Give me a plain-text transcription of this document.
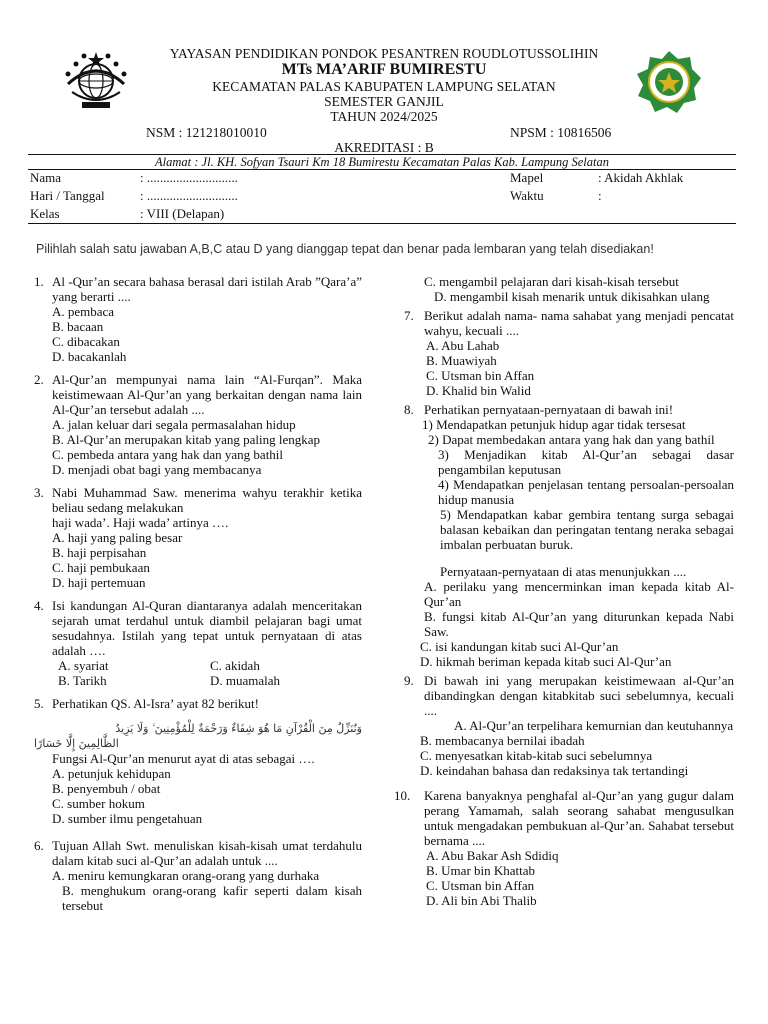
YAYASAN PENDIDIKAN PONDOK PESANTREN ROUDLOTUSSOLIHIN
MTs MA’ARIF BUMIRESTU
KECAMATAN PALAS KABUPATEN LAMPUNG SELATAN
SEMESTER GANJIL
TAHUN 2024/2025
NSM : 121218010010	NPSM : 10816506
AKREDITASI : B
Alamat : Jl. KH. Sofyan Tsauri Km 18 Bumirestu Kecamatan Palas Kab. Lampung Selatan
Nama	: ............................
Hari / Tanggal	: ............................
Kelas	: VIII (Delapan)
Mapel	: Akidah Akhlak
Waktu	:
Pilihlah salah satu jawaban A,B,C atau D yang dianggap tepat dan benar pada lembaran yang telah disediakan!
1. Al -Qur’an secara bahasa berasal dari istilah Arab ”Qara’a” yang berarti ....
A. pembaca
B. bacaan
C. dibacakan
D. bacakanlah
2. Al-Qur’an mempunyai nama lain “Al-Furqan”. Maka keistimewaan Al-Qur’an yang berkaitan dengan nama lain Al-Qur’an tersebut adalah ....
A. jalan keluar dari segala permasalahan hidup
B. Al-Qur’an merupakan kitab yang paling lengkap
C. pembeda antara yang hak dan yang bathil
D. menjadi obat bagi yang membacanya
3. Nabi Muhammad Saw. menerima wahyu terakhir ketika beliau sedang melakukan
haji wada’. Haji wada’ artinya ….
A. haji yang paling besar
B. haji perpisahan
C. haji pembukaan
D. haji pertemuan
4. Isi kandungan Al-Quran diantaranya adalah menceritakan sejarah umat terdahul untuk diambil pelajaran bagi umat sesudahnya. Istilah yang tepat untuk pernyataan di atas adalah ….
A. syariat	C. akidah
B. Tarikh	D. muamalah
5. Perhatikan QS. Al-Isra’ ayat 82 berikut!
وَنُنَزِّلُ مِنَ الْقُرْآنِ مَا هُوَ شِفَاءٌ وَرَحْمَةٌ لِلْمُؤْمِنِينَ ۙ وَلَا يَزِيدُ
الظَّالِمِينَ إِلَّا خَسَارًا
Fungsi Al-Qur’an menurut ayat di atas sebagai ….
A. petunjuk kehidupan
B. penyembuh / obat
C. sumber hokum
D. sumber ilmu pengetahuan
6. Tujuan Allah Swt. menuliskan kisah-kisah umat terdahulu dalam kitab suci al-Qur’an adalah untuk ....
A. meniru kemungkaran orang-orang yang durhaka
B. menghukum orang-orang kafir seperti dalam kisah tersebut
C. mengambil pelajaran dari kisah-kisah tersebut
D. mengambil kisah menarik untuk dikisahkan ulang
7. Berikut adalah nama- nama sahabat yang menjadi pencatat wahyu, kecuali ....
A. Abu Lahab
B. Muawiyah
C. Utsman bin Affan
D. Khalid bin Walid
8. Perhatikan pernyataan-pernyataan di bawah ini!
1) Mendapatkan petunjuk hidup agar tidak tersesat
2) Dapat membedakan antara yang hak dan yang bathil
3) Menjadikan kitab Al-Qur’an sebagai dasar pengambilan keputusan
4) Mendapatkan penjelasan tentang persoalan-persoalan hidup manusia
5) Mendapatkan kabar gembira tentang surga sebagai balasan kebaikan dan peringatan tentang neraka sebagai imbalan perbuatan buruk.
Pernyataan-pernyataan di atas menunjukkan ....
A. perilaku yang mencerminkan iman kepada kitab Al-Qur’an
B. fungsi kitab Al-Qur’an yang diturunkan kepada Nabi Saw.
C. isi kandungan kitab suci Al-Qur’an
D. hikmah beriman kepada kitab suci Al-Qur’an
9. Di bawah ini yang merupakan keistimewaan al-Qur’an dibandingkan dengan kitabkitab suci sebelumnya, kecuali ....
A. Al-Qur’an terpelihara kemurnian dan keutuhannya
B. membacanya bernilai ibadah
C. menyesatkan kitab-kitab suci sebelumnya
D. keindahan bahasa dan redaksinya tak tertandingi
10. Karena banyaknya penghafal al-Qur’an yang gugur dalam perang Yamamah, salah seorang sahabat mengusulkan untuk mengadakan pembukuan al-Qur’an. Sahabat tersebut bernama ....
A. Abu Bakar Ash Sdidiq
B. Umar bin Khattab
C. Utsman bin Affan
D. Ali bin Abi Thalib
